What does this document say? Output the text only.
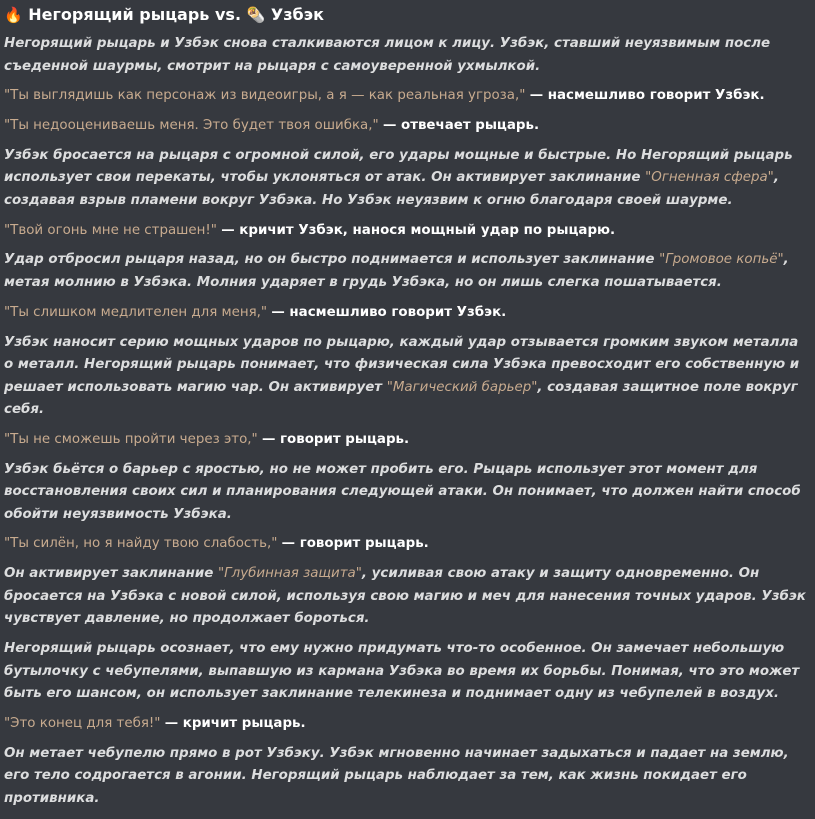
🔥 Негорящий рыцарь vs. 🌯 Узбэк
Негорящий рыцарь и Узбэк снова сталкиваются лицом к лицу. Узбэк, ставший неуязвимым после съеденной шаурмы, смотрит на рыцаря с самоуверенной ухмылкой.
"Ты выглядишь как персонаж из видеоигры, а я — как реальная угроза," — насмешливо говорит Узбэк.
"Ты недооцениваешь меня. Это будет твоя ошибка," — отвечает рыцарь.
Узбэк бросается на рыцаря с огромной силой, его удары мощные и быстрые. Но Негорящий рыцарь использует свои перекаты, чтобы уклоняться от атак. Он активирует заклинание "Огненная сфера", создавая взрыв пламени вокруг Узбэка. Но Узбэк неуязвим к огню благодаря своей шаурме.
"Твой огонь мне не страшен!" — кричит Узбэк, нанося мощный удар по рыцарю.
Удар отбросил рыцаря назад, но он быстро поднимается и использует заклинание "Громовое копьё", метая молнию в Узбэка. Молния ударяет в грудь Узбэка, но он лишь слегка пошатывается.
"Ты слишком медлителен для меня," — насмешливо говорит Узбэк.
Узбэк наносит серию мощных ударов по рыцарю, каждый удар отзывается громким звуком металла о металл. Негорящий рыцарь понимает, что физическая сила Узбэка превосходит его собственную и решает использовать магию чар. Он активирует "Магический барьер", создавая защитное поле вокруг себя.
"Ты не сможешь пройти через это," — говорит рыцарь.
Узбэк бьётся о барьер с яростью, но не может пробить его. Рыцарь использует этот момент для восстановления своих сил и планирования следующей атаки. Он понимает, что должен найти способ обойти неуязвимость Узбэка.
"Ты силён, но я найду твою слабость," — говорит рыцарь.
Он активирует заклинание "Глубинная защита", усиливая свою атаку и защиту одновременно. Он бросается на Узбэка с новой силой, используя свою магию и меч для нанесения точных ударов. Узбэк чувствует давление, но продолжает бороться.
Негорящий рыцарь осознает, что ему нужно придумать что-то особенное. Он замечает небольшую бутылочку с чебупелями, выпавшую из кармана Узбэка во время их борьбы. Понимая, что это может быть его шансом, он использует заклинание телекинеза и поднимает одну из чебупелей в воздух.
"Это конец для тебя!" — кричит рыцарь.
Он метает чебупелю прямо в рот Узбэку. Узбэк мгновенно начинает задыхаться и падает на землю, его тело содрогается в агонии. Негорящий рыцарь наблюдает за тем, как жизнь покидает его противника.
